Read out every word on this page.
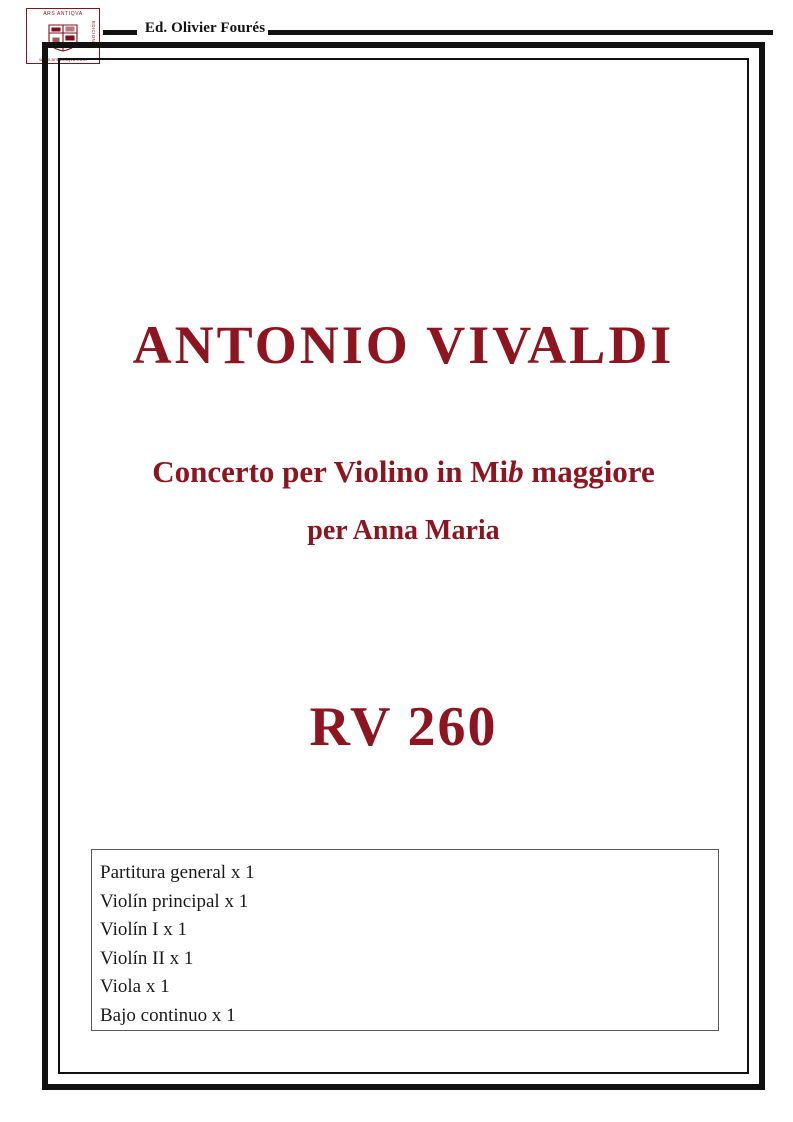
ARS ANTIQVA
EDICIONES
www.arsantiqva.com
Ed. Olivier Fourés
ANTONIO VIVALDI
Concerto per Violino in Mib maggiore
per Anna Maria
RV 260
Partitura general x 1
Violín principal x 1
Violín I x 1
Violín II x 1
Viola x 1
Bajo continuo x 1
